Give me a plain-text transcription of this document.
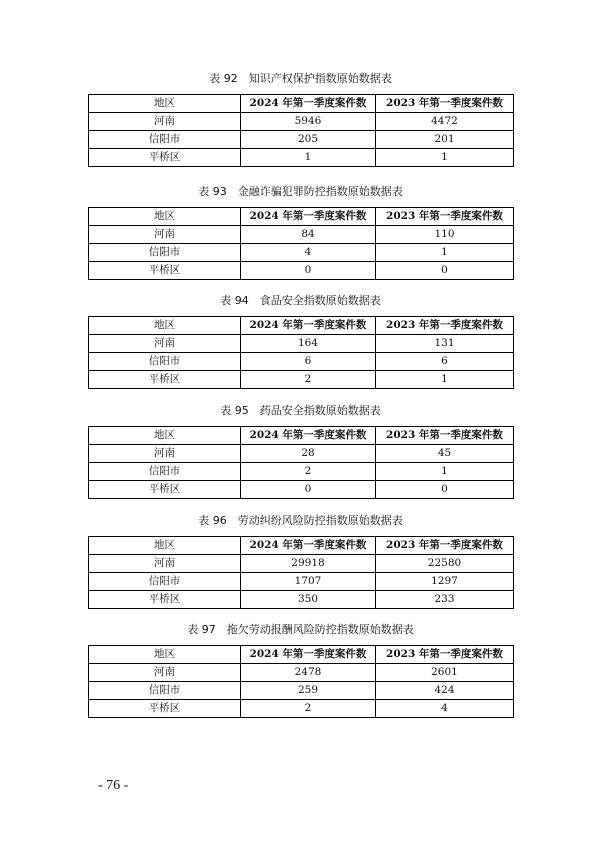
表 92　知识产权保护指数原始数据表
地区	2024 年第一季度案件数	2023 年第一季度案件数
河南	5946	4472
信阳市	205	201
平桥区	1	1
表 93　金融诈骗犯罪防控指数原始数据表
地区	2024 年第一季度案件数	2023 年第一季度案件数
河南	84	110
信阳市	4	1
平桥区	0	0
表 94　食品安全指数原始数据表
地区	2024 年第一季度案件数	2023 年第一季度案件数
河南	164	131
信阳市	6	6
平桥区	2	1
表 95　药品安全指数原始数据表
地区	2024 年第一季度案件数	2023 年第一季度案件数
河南	28	45
信阳市	2	1
平桥区	0	0
表 96　劳动纠纷风险防控指数原始数据表
地区	2024 年第一季度案件数	2023 年第一季度案件数
河南	29918	22580
信阳市	1707	1297
平桥区	350	233
表 97　拖欠劳动报酬风险防控指数原始数据表
地区	2024 年第一季度案件数	2023 年第一季度案件数
河南	2478	2601
信阳市	259	424
平桥区	2	4
- 76 -
